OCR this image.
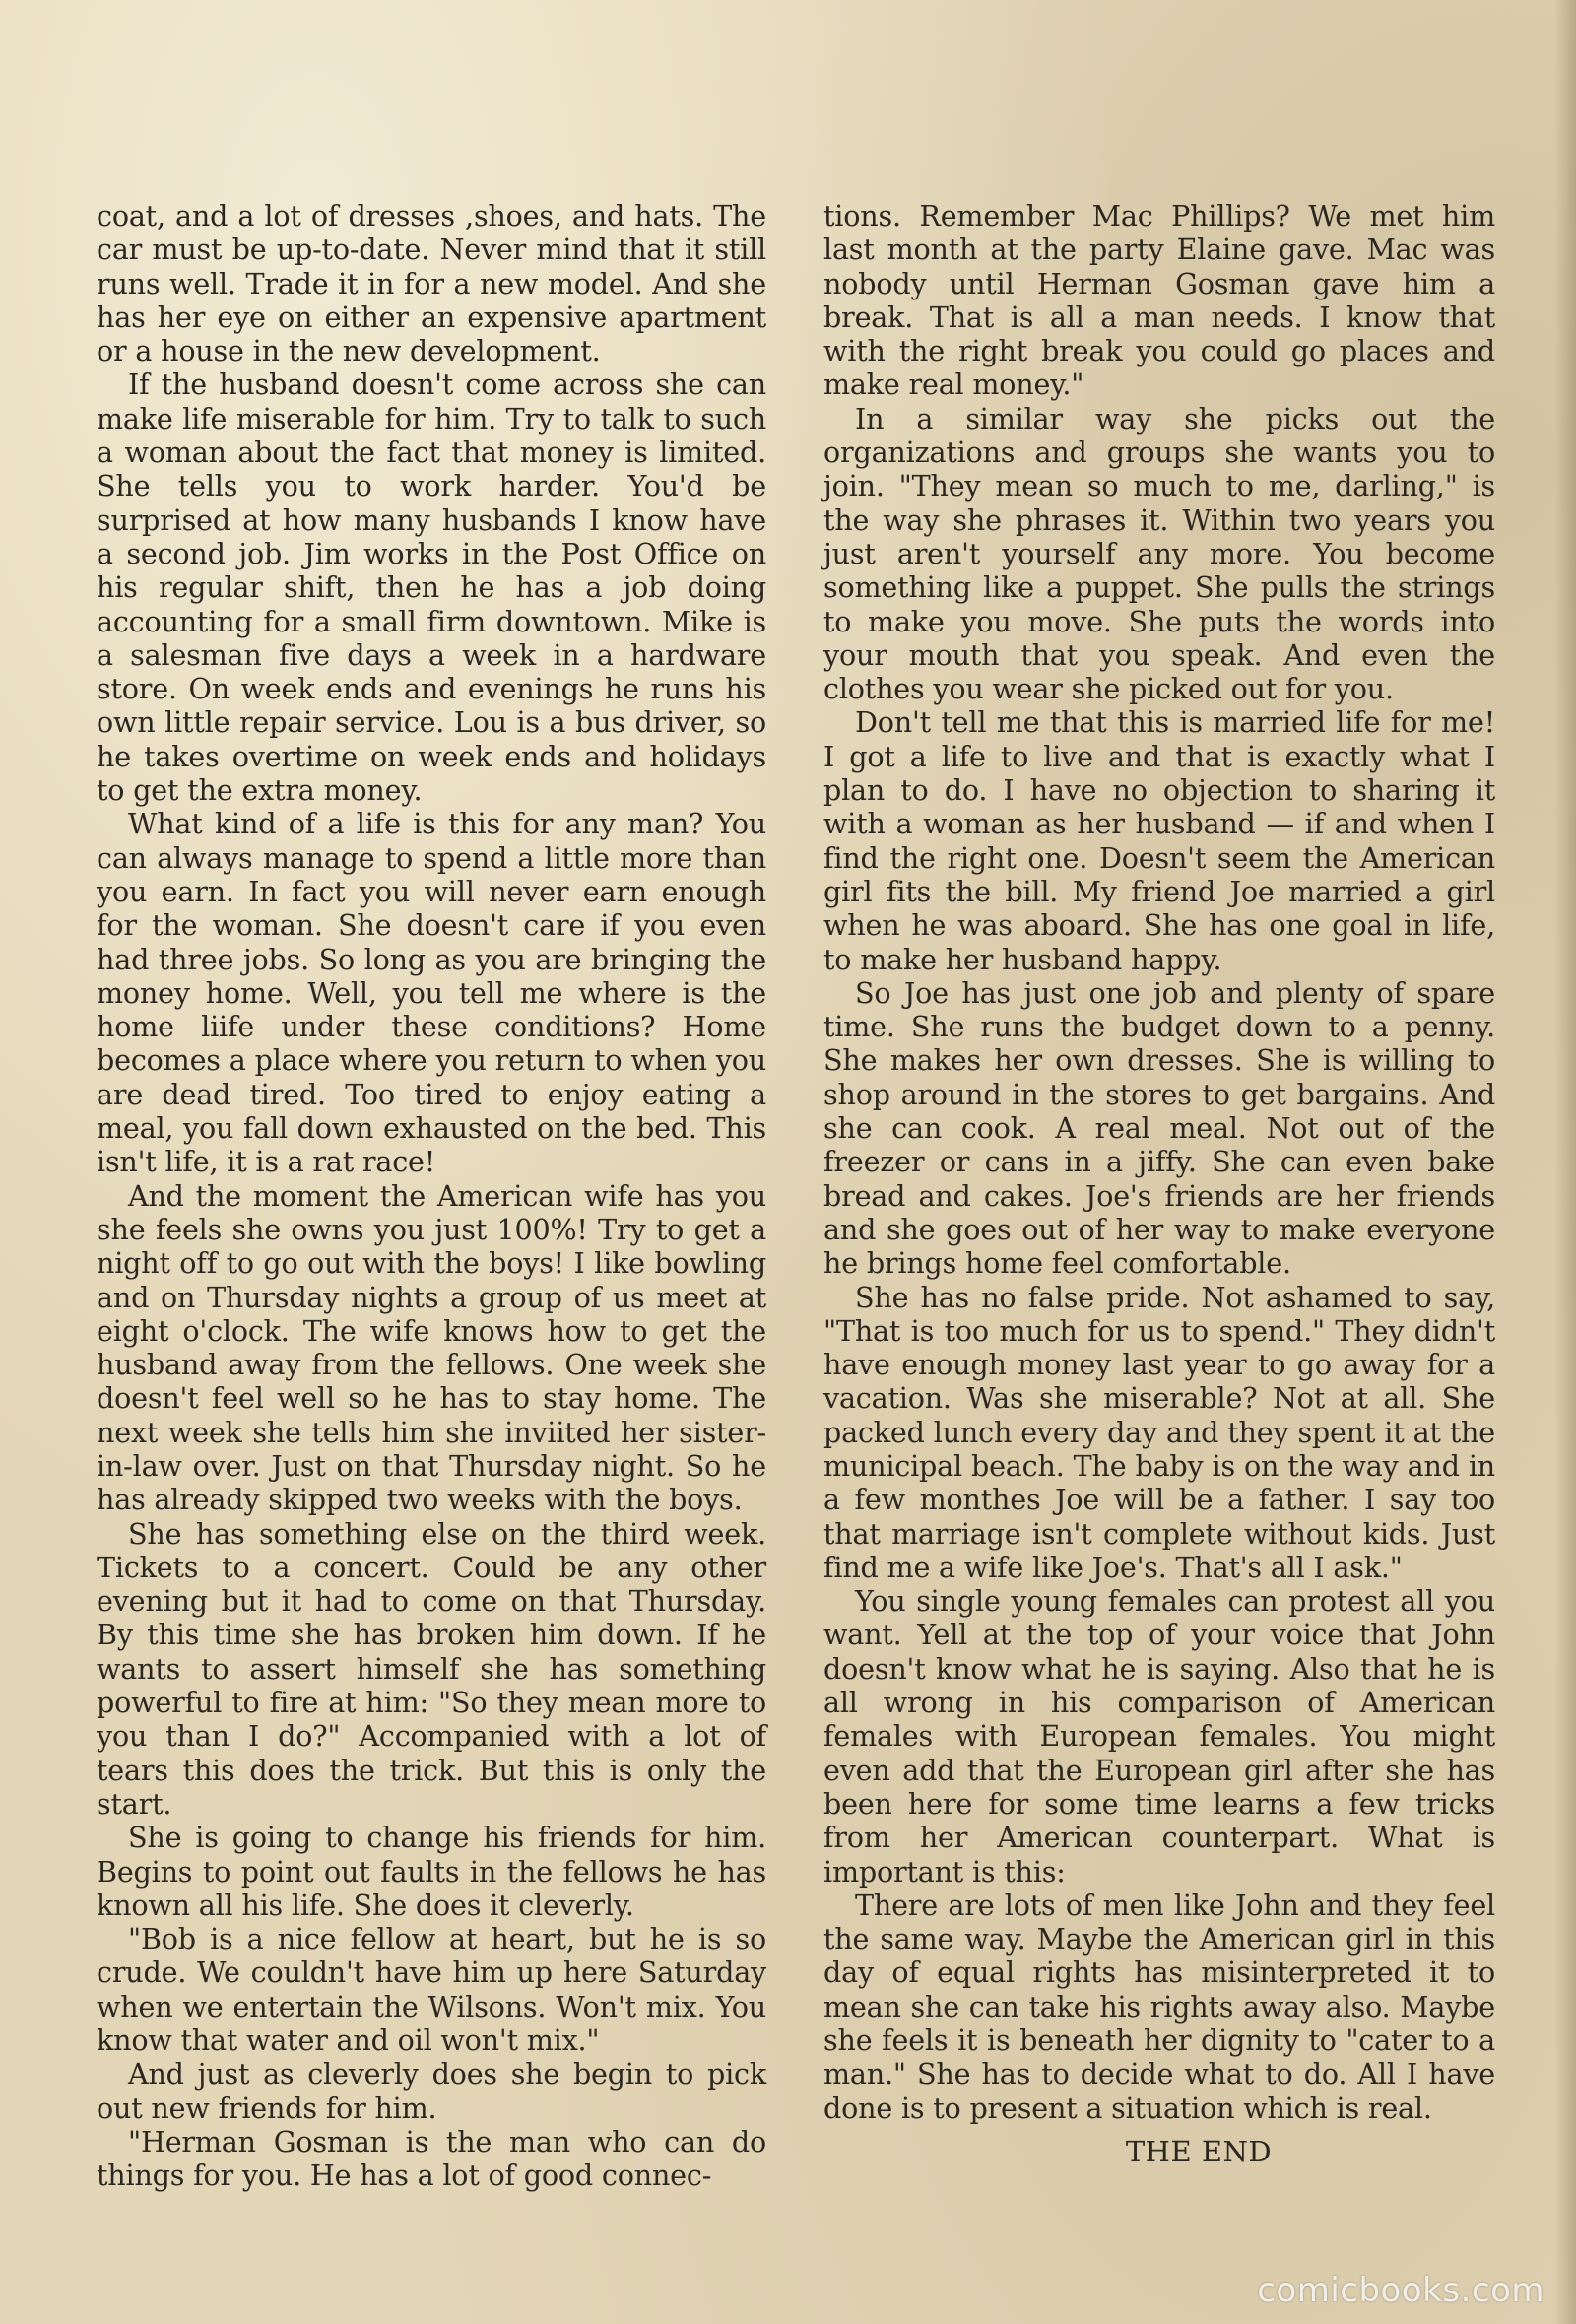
coat, and a lot of dresses ,shoes, and hats. The car must be up-to-date. Never mind that it still runs well. Trade it in for a new model. And she has her eye on either an expensive apartment or a house in the new development.

If the husband doesn't come across she can make life miserable for him. Try to talk to such a woman about the fact that money is limited. She tells you to work harder. You'd be surprised at how many husbands I know have a second job. Jim works in the Post Office on his regular shift, then he has a job doing accounting for a small firm downtown. Mike is a salesman five days a week in a hardware store. On week ends and evenings he runs his own little repair service. Lou is a bus driver, so he takes overtime on week ends and holidays to get the extra money.

What kind of a life is this for any man? You can always manage to spend a little more than you earn. In fact you will never earn enough for the woman. She doesn't care if you even had three jobs. So long as you are bringing the money home. Well, you tell me where is the home liife under these conditions? Home becomes a place where you return to when you are dead tired. Too tired to enjoy eating a meal, you fall down exhausted on the bed. This isn't life, it is a rat race!

And the moment the American wife has you she feels she owns you just 100%! Try to get a night off to go out with the boys! I like bowling and on Thursday nights a group of us meet at eight o'clock. The wife knows how to get the husband away from the fellows. One week she doesn't feel well so he has to stay home. The next week she tells him she inviited her sister-in-law over. Just on that Thursday night. So he has already skipped two weeks with the boys.

She has something else on the third week. Tickets to a concert. Could be any other evening but it had to come on that Thursday. By this time she has broken him down. If he wants to assert himself she has something powerful to fire at him: "So they mean more to you than I do?" Accompanied with a lot of tears this does the trick. But this is only the start.

She is going to change his friends for him. Begins to point out faults in the fellows he has known all his life. She does it cleverly.

"Bob is a nice fellow at heart, but he is so crude. We couldn't have him up here Saturday when we entertain the Wilsons. Won't mix. You know that water and oil won't mix."

And just as cleverly does she begin to pick out new friends for him.

"Herman Gosman is the man who can do things for you. He has a lot of good connec-

tions. Remember Mac Phillips? We met him last month at the party Elaine gave. Mac was nobody until Herman Gosman gave him a break. That is all a man needs. I know that with the right break you could go places and make real money."

In a similar way she picks out the organizations and groups she wants you to join. "They mean so much to me, darling," is the way she phrases it. Within two years you just aren't yourself any more. You become something like a puppet. She pulls the strings to make you move. She puts the words into your mouth that you speak. And even the clothes you wear she picked out for you.

Don't tell me that this is married life for me! I got a life to live and that is exactly what I plan to do. I have no objection to sharing it with a woman as her husband — if and when I find the right one. Doesn't seem the American girl fits the bill. My friend Joe married a girl when he was aboard. She has one goal in life, to make her husband happy.

So Joe has just one job and plenty of spare time. She runs the budget down to a penny. She makes her own dresses. She is willing to shop around in the stores to get bargains. And she can cook. A real meal. Not out of the freezer or cans in a jiffy. She can even bake bread and cakes. Joe's friends are her friends and she goes out of her way to make everyone he brings home feel comfortable.

She has no false pride. Not ashamed to say, "That is too much for us to spend." They didn't have enough money last year to go away for a vacation. Was she miserable? Not at all. She packed lunch every day and they spent it at the municipal beach. The baby is on the way and in a few monthes Joe will be a father. I say too that marriage isn't complete without kids. Just find me a wife like Joe's. That's all I ask."

You single young females can protest all you want. Yell at the top of your voice that John doesn't know what he is saying. Also that he is all wrong in his comparison of American females with European females. You might even add that the European girl after she has been here for some time learns a few tricks from her American counterpart. What is important is this:

There are lots of men like John and they feel the same way. Maybe the American girl in this day of equal rights has misinterpreted it to mean she can take his rights away also. Maybe she feels it is beneath her dignity to "cater to a man." She has to decide what to do. All I have done is to present a situation which is real.

THE END
comicbooks.com
